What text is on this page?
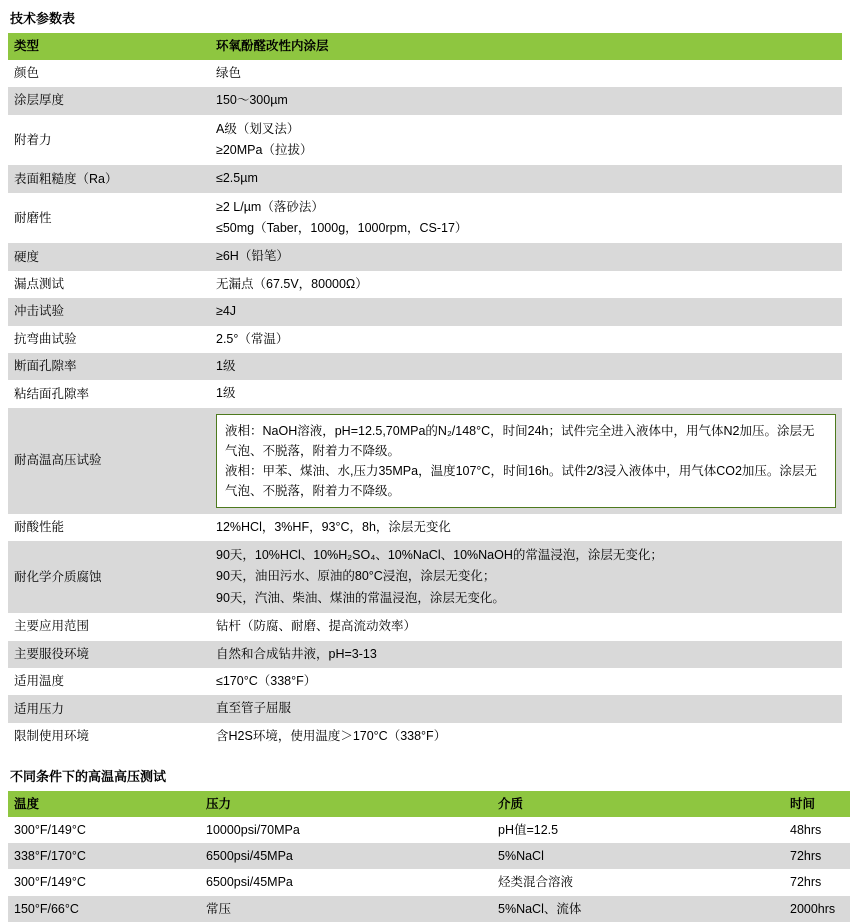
技术参数表
类型	环氧酚醛改性内涂层
颜色	绿色

涂层厚度	150～300µm

附着力	A级（划叉法）
≥20MPa（拉拔）

表面粗糙度（Ra）	≤2.5µm

耐磨性	≥2 L/µm（落砂法）
≤50mg（Taber，1000g，1000rpm，CS-17）

硬度	≥6H（铅笔）

漏点测试	无漏点（67.5V，80000Ω）

冲击试验	≥4J

抗弯曲试验	2.5°（常温）

断面孔隙率	1级

粘结面孔隙率	1级

耐高温高压试验	液相：NaOH溶液，pH=12.5,70MPa的N₂/148°C，时间24h；试件完全进入液体中，用气体N2加压。涂层无
气泡、不脱落，附着力不降级。
液相：甲苯、煤油、水,压力35MPa，温度107°C，时间16h。试件2/3浸入液体中，用气体CO2加压。涂层无
气泡、不脱落，附着力不降级。

耐酸性能	12%HCl，3%HF，93°C，8h，涂层无变化

耐化学介质腐蚀	90天，10%HCl、10%H₂SO₄、10%NaCl、10%NaOH的常温浸泡，涂层无变化；
90天，油田污水、原油的80°C浸泡，涂层无变化；
90天，汽油、柴油、煤油的常温浸泡，涂层无变化。

主要应用范围	钻杆（防腐、耐磨、提高流动效率）

主要服役环境	自然和合成钻井液，pH=3-13

适用温度	≤170°C（338°F）

适用压力	直至管子屈服

限制使用环境	含H2S环境，使用温度＞170°C（338°F）
不同条件下的高温高压测试
温度	压力	介质	时间
300°F/149°C	10000psi/70MPa	pH值=12.5	48hrs
338°F/170°C	6500psi/45MPa	5%NaCl	72hrs
300°F/149°C	6500psi/45MPa	烃类混合溶液	72hrs
150°F/66°C	常压	5%NaCl、流体	2000hrs
